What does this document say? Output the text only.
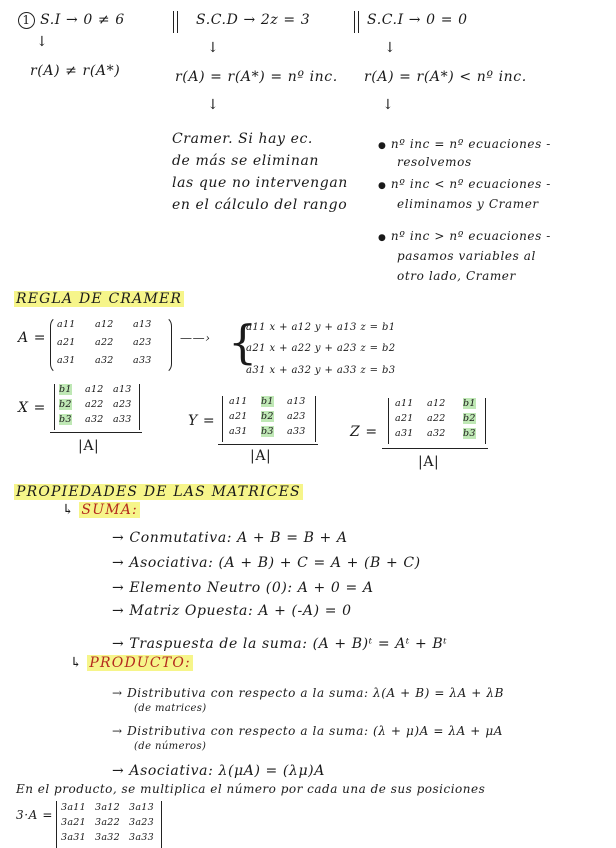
1 S.I → 0 ≠ 6
↓
r(A) ≠ r(A*)
S.C.D → 2z = 3
↓
r(A) = r(A*) = nº inc.
↓
Cramer. Si hay ec.
de más se eliminan
las que no intervengan
en el cálculo del rango
S.C.I → 0 = 0
↓
r(A) = r(A*) < nº inc.
↓
● nº inc = nº ecuaciones -
resolvemos
● nº inc < nº ecuaciones -
eliminamos y Cramer
● nº inc > nº ecuaciones -
pasamos variables al
otro lado, Cramer
REGLA DE CRAMER
A =
a11 a12 a13
a21 a22 a23
a31 a32 a33
——› {
a11 x + a12 y + a13 z = b1
a21 x + a22 y + a23 z = b2
a31 x + a32 y + a33 z = b3
X =
b1 a12 a13
b2 a22 a23
b3 a32 a33
|A|
Y =
a11 b1 a13
a21 b2 a23
a31 b3 a33
|A|
Z =
a11 a12 b1
a21 a22 b2
a31 a32 b3
|A|
PROPIEDADES DE LAS MATRICES
↳ SUMA:
→ Conmutativa: A + B = B + A
→ Asociativa: (A + B) + C = A + (B + C)
→ Elemento Neutro (0): A + 0 = A
→ Matriz Opuesta: A + (-A) = 0
→ Traspuesta de la suma: (A + B)ᵗ = Aᵗ + Bᵗ
↳ PRODUCTO:
→ Distributiva con respecto a la suma: λ(A + B) = λA + λB
(de matrices)
→ Distributiva con respecto a la suma: (λ + μ)A = λA + μA
(de números)
→ Asociativa: λ(μA) = (λμ)A
En el producto, se multiplica el número por cada una de sus posiciones
3·A =
3a11 3a12 3a13
3a21 3a22 3a23
3a31 3a32 3a33
